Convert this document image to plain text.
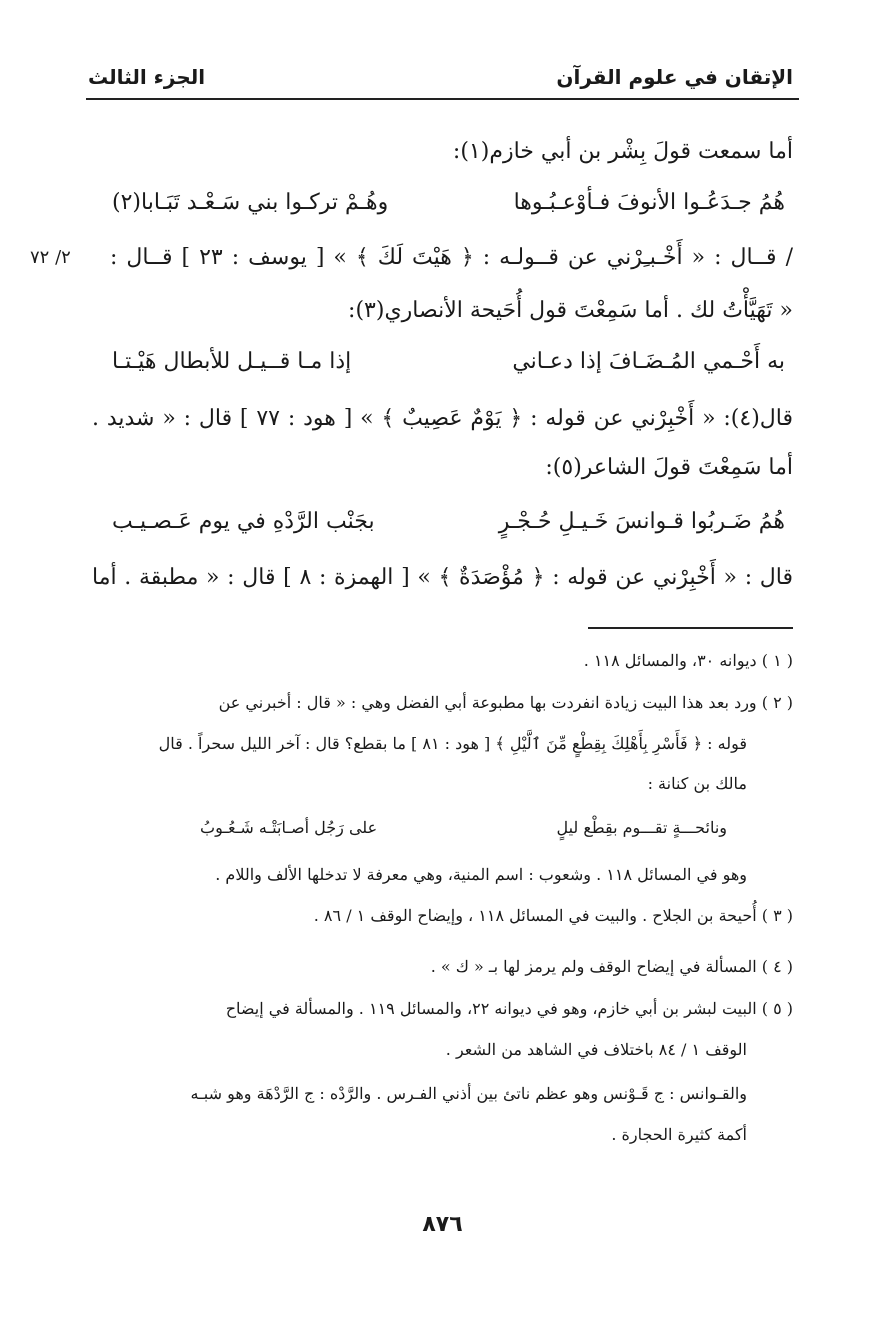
الإتقان في علوم القرآن
الجزء الثالث
أما سمعت قولَ بِشْر بن أبي خازم(١):
هُمُ جـدَعُـوا الأنوفَ فـأوْعـبُـوها
وهُـمْ تركـوا بني سَـعْـد تَبَـابا(٢)
/ قــال : « أَخْـبـِرْني عن قــولـه : ﴿ هَيْتَ لَكَ ﴾ » [ يوسف : ٢٣ ] قــال :
٢/ ٧٢
« تَهَيَّأْتُ لك . أما سَمِعْتَ قول أُحَيحة الأنصاري(٣):
به أَحْـمي المُـضَـافَ إذا دعـاني
إذا مـا قــيـل للأبطال هَيْـتـا
قال(٤): « أَخْبِرْني عن قوله : ﴿ يَوْمٌ عَصِيبٌ ﴾ » [ هود : ٧٧ ] قال : « شديد .
أما سَمِعْتَ قولَ الشاعر(٥):
هُمُ ضَـربُوا قـوانسَ خَـيـلِ حُـجْـرٍ
بجَنْب الرَّدْهِ في يوم عَـصـيـب
قال : « أَخْبِرْني عن قوله : ﴿ مُؤْصَدَةٌ ﴾ » [ الهمزة : ٨ ] قال : « مطبقة . أما
( ١ ) ديوانه ٣٠، والمسائل ١١٨ .
( ٢ ) ورد بعد هذا البيت زيادة انفردت بها مطبوعة أبي الفضل وهي : « قال : أخبرني عن
قوله : ﴿ فَأَسْرِ بِأَهْلِكَ بِقِطْعٍ مِّنَ ٱلَّيْلِ ﴾ [ هود : ٨١ ] ما بقطع؟ قال : آخر الليل سحراً . قال
مالك بن كنانة :
ونائحـــةٍ تقـــوم بقِطْع ليلٍ
على رَجُل أصـابَتْـه شَـعُـوبُ
وهو في المسائل ١١٨ . وشعوب : اسم المنية، وهي معرفة لا تدخلها الألف واللام .
( ٣ ) أُحيحة بن الجلاح . والبيت في المسائل ١١٨ ، وإيضاح الوقف ١ / ٨٦ .
( ٤ ) المسألة في إيضاح الوقف ولم يرمز لها بـ « ك » .
( ٥ ) البيت لبشر بن أبي خازم، وهو في ديوانه ٢٢، والمسائل ١١٩ . والمسألة في إيضاح
الوقف ١ / ٨٤ باختلاف في الشاهد من الشعر .
والقـوانس : ج قَـوْنس وهو عظم ناتئ بين أذني الفـرس . والرَّدْه : ج الرَّدْهَة وهو شبـه
أكمة كثيرة الحجارة .
٨٧٦
